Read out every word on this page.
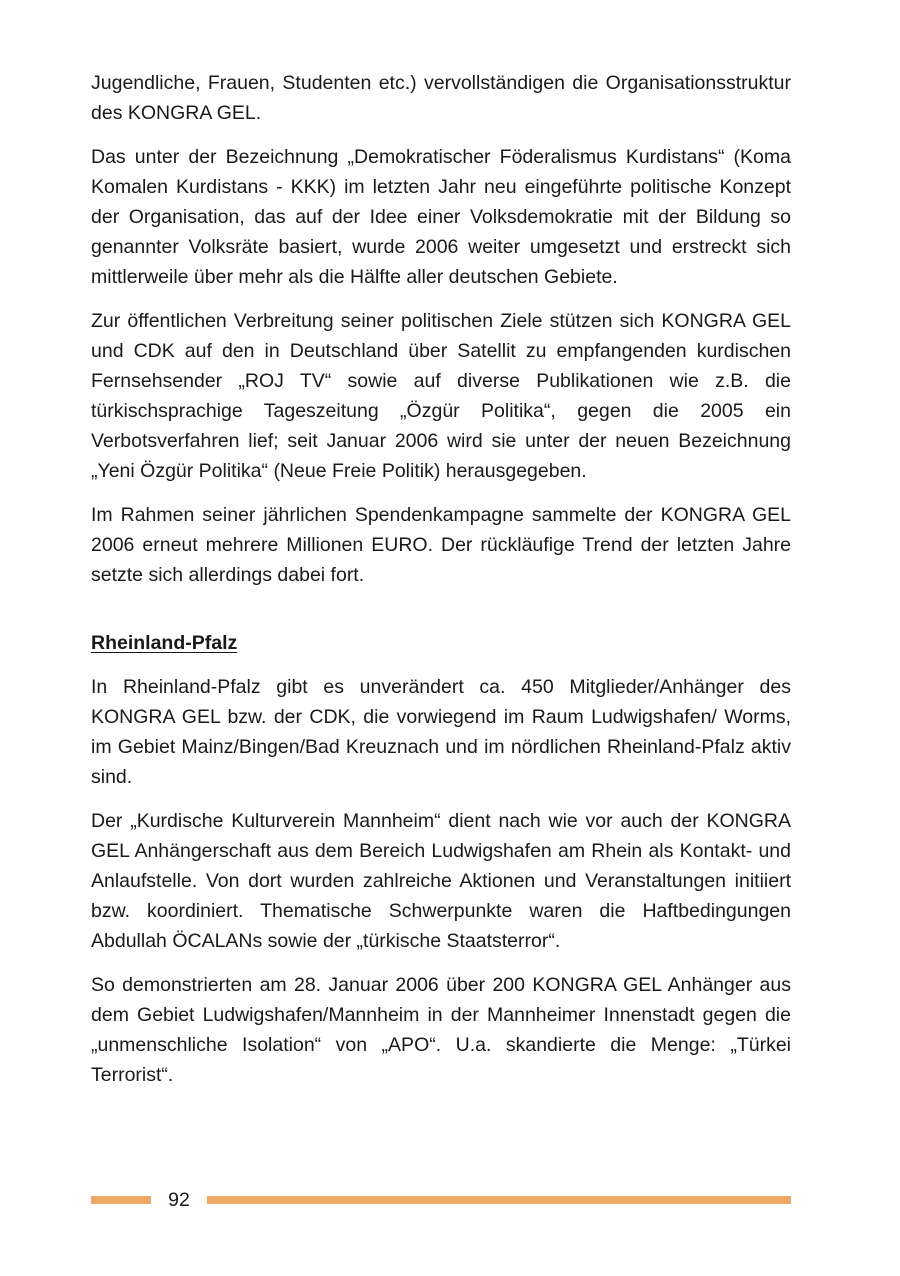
Jugendliche, Frauen, Studenten etc.) vervollständigen die Organisationsstruktur des KONGRA GEL.

Das unter der Bezeichnung „Demokratischer Föderalismus Kurdistans“ (Koma Komalen Kurdistans - KKK) im letzten Jahr neu eingeführte politische Konzept der Organisation, das auf der Idee einer Volksdemokratie mit der Bildung so genannter Volksräte basiert, wurde 2006 weiter umgesetzt und erstreckt sich mittlerweile über mehr als die Hälfte aller deutschen Gebiete.

Zur öffentlichen Verbreitung seiner politischen Ziele stützen sich KONGRA GEL und CDK auf den in Deutschland über Satellit zu empfangenden kurdischen Fernsehsender „ROJ TV“ sowie auf diverse Publikationen wie z.B. die türkischsprachige Tageszeitung „Özgür Politika“, gegen die 2005 ein Verbotsverfahren lief; seit Januar 2006 wird sie unter der neuen Bezeichnung „Yeni Özgür Politika“ (Neue Freie Politik) herausgegeben.

Im Rahmen seiner jährlichen Spendenkampagne sammelte der KONGRA GEL 2006 erneut mehrere Millionen EURO. Der rückläufige Trend der letzten Jahre setzte sich allerdings dabei fort.

Rheinland-Pfalz

In Rheinland-Pfalz gibt es unverändert ca. 450 Mitglieder/Anhänger des KONGRA GEL bzw. der CDK, die vorwiegend im Raum Ludwigshafen/ Worms, im Gebiet Mainz/Bingen/Bad Kreuznach und im nördlichen Rheinland-Pfalz aktiv sind.

Der „Kurdische Kulturverein Mannheim“ dient nach wie vor auch der KONGRA GEL Anhängerschaft aus dem Bereich Ludwigshafen am Rhein als Kontakt- und Anlaufstelle. Von dort wurden zahlreiche Aktionen und Veranstaltungen initiiert bzw. koordiniert. Thematische Schwerpunkte waren die Haftbedingungen Abdullah ÖCALANs sowie der „türkische Staatsterror“.

So demonstrierten am 28. Januar 2006 über 200 KONGRA GEL Anhänger aus dem Gebiet Ludwigshafen/Mannheim in der Mannheimer Innenstadt gegen die „unmenschliche Isolation“ von „APO“. U.a. skandierte die Menge: „Türkei Terrorist“.

92
